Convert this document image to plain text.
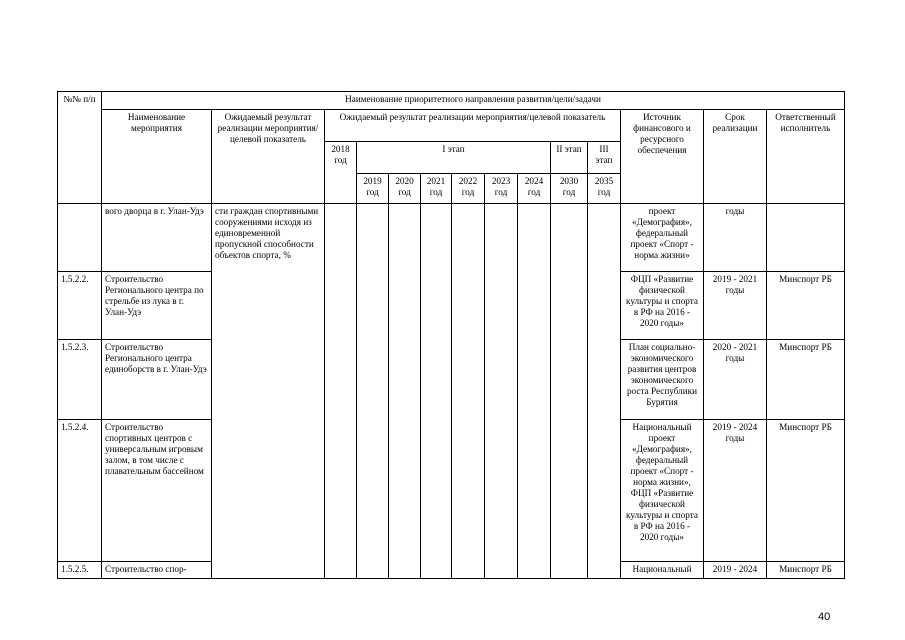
№№ п/п	Наименование приоритетного направления развития/цели/задачи													
	Наименование мероприятия	Ожидаемый результат реализации мероприятия/целевой показатель	Ожидаемый результат реализации мероприятия/целевой показатель									Источник финансового и ресурсного обеспечения	Срок реализации	Ответственный исполнитель
			2018 год	I этап						II этап	III этап			
				2019 год	2020 год	2021 год	2022 год	2023 год	2024 год	2030 год	2035 год			
	вого дворца в г. Улан-Удэ	сти граждан спортивными сооружениями исходя из единовременной пропускной способности объектов спорта, %										проект «Демография», федеральный проект «Спорт - норма жизни»	годы	
1.5.2.2.	Строительство Регионального центра по стрельбе из лука в г. Улан-Удэ											ФЦП «Развитие физической культуры и спорта в РФ на 2016 - 2020 годы»	2019 - 2021 годы	Минспорт РБ
1.5.2.3.	Строительство Регионального центра единоборств в г. Улан-Удэ											План социально-экономического развития центров экономического роста Республики Бурятия	2020 - 2021 годы	Минспорт РБ
1.5.2.4.	Строительство спортивных центров с универсальным игровым залом, в том числе с плавательным бассейном											Национальный проект «Демография», федеральный проект «Спорт - норма жизни», ФЦП «Развитие физической культуры и спорта в РФ на 2016 - 2020 годы»	2019 - 2024 годы	Минспорт РБ
1.5.2.5.	Строительство спор-											Национальный	2019 - 2024	Минспорт РБ
40
